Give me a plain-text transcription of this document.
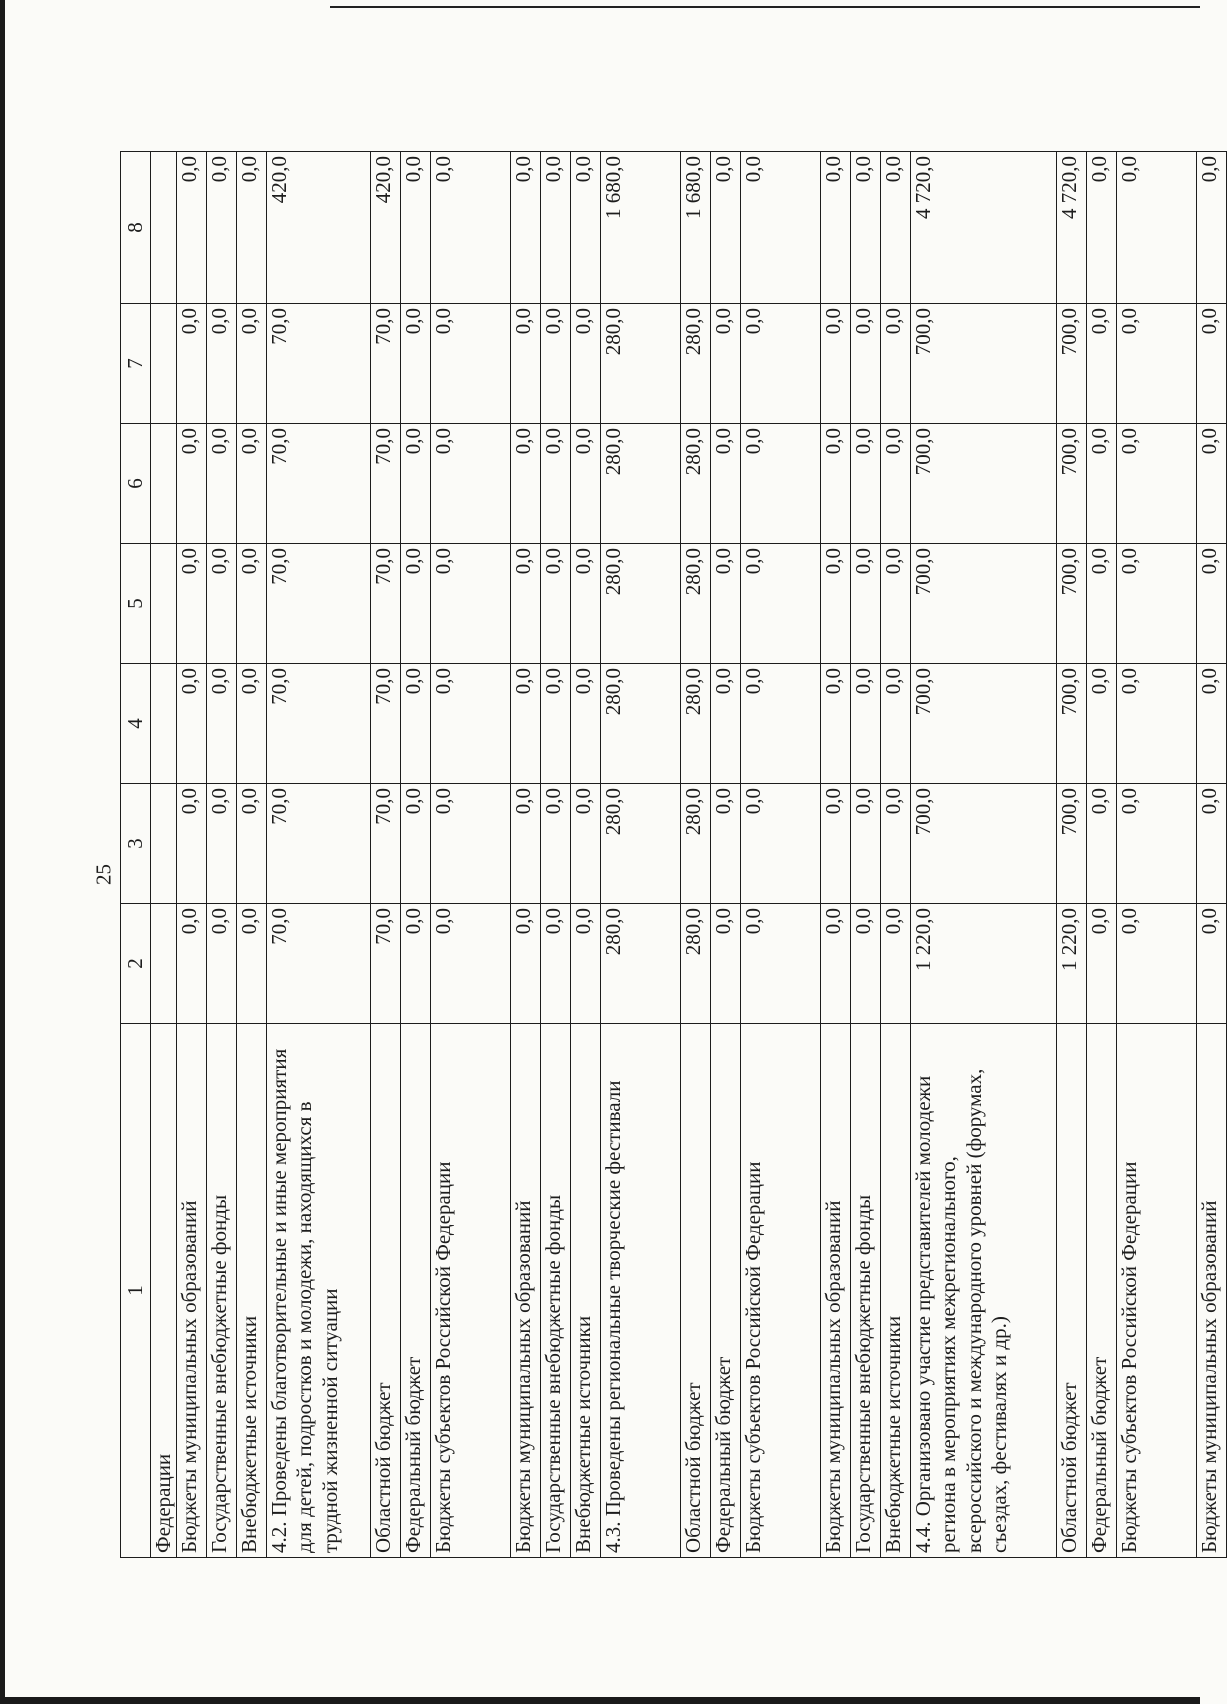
25
1	2	3	4	5	6	7	8
Федерации							
Бюджеты муниципальных образований	0,0	0,0	0,0	0,0	0,0	0,0	0,0
Государственные внебюджетные фонды	0,0	0,0	0,0	0,0	0,0	0,0	0,0
Внебюджетные источники	0,0	0,0	0,0	0,0	0,0	0,0	0,0
4.2. Проведены благотворительные и иные мероприятия для детей, подростков и молодежи, находящихся в трудной жизненной ситуации	70,0	70,0	70,0	70,0	70,0	70,0	420,0
Областной бюджет	70,0	70,0	70,0	70,0	70,0	70,0	420,0
Федеральный бюджет	0,0	0,0	0,0	0,0	0,0	0,0	0,0
Бюджеты субъектов Российской Федерации	0,0	0,0	0,0	0,0	0,0	0,0	0,0
Бюджеты муниципальных образований	0,0	0,0	0,0	0,0	0,0	0,0	0,0
Государственные внебюджетные фонды	0,0	0,0	0,0	0,0	0,0	0,0	0,0
Внебюджетные источники	0,0	0,0	0,0	0,0	0,0	0,0	0,0
4.3. Проведены региональные творческие фестивали	280,0	280,0	280,0	280,0	280,0	280,0	1 680,0
Областной бюджет	280,0	280,0	280,0	280,0	280,0	280,0	1 680,0
Федеральный бюджет	0,0	0,0	0,0	0,0	0,0	0,0	0,0
Бюджеты субъектов Российской Федерации	0,0	0,0	0,0	0,0	0,0	0,0	0,0
Бюджеты муниципальных образований	0,0	0,0	0,0	0,0	0,0	0,0	0,0
Государственные внебюджетные фонды	0,0	0,0	0,0	0,0	0,0	0,0	0,0
Внебюджетные источники	0,0	0,0	0,0	0,0	0,0	0,0	0,0
4.4. Организовано участие представителей молодежи региона в мероприятиях межрегионального, всероссийского и международного уровней (форумах, съездах, фестивалях и др.)	1 220,0	700,0	700,0	700,0	700,0	700,0	4 720,0
Областной бюджет	1 220,0	700,0	700,0	700,0	700,0	700,0	4 720,0
Федеральный бюджет	0,0	0,0	0,0	0,0	0,0	0,0	0,0
Бюджеты субъектов Российской Федерации	0,0	0,0	0,0	0,0	0,0	0,0	0,0
Бюджеты муниципальных образований	0,0	0,0	0,0	0,0	0,0	0,0	0,0
